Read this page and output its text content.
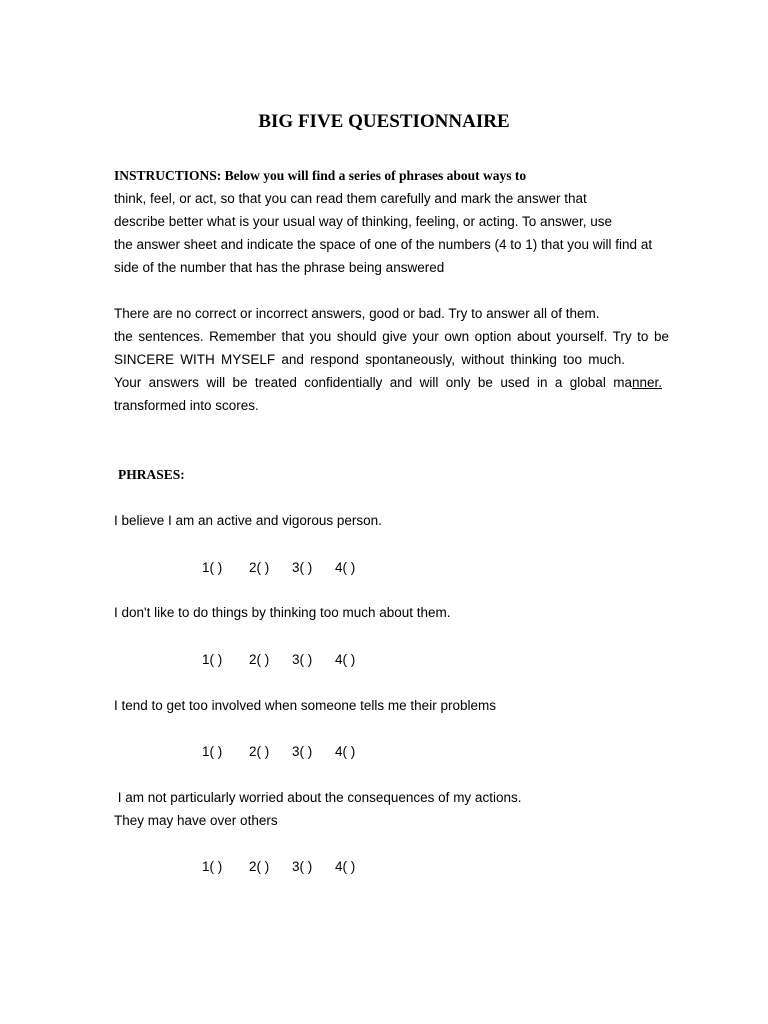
BIG FIVE QUESTIONNAIRE
INSTRUCTIONS: Below you will find a series of phrases about ways to
think, feel, or act, so that you can read them carefully and mark the answer that
describe better what is your usual way of thinking, feeling, or acting. To answer, use
the answer sheet and indicate the space of one of the numbers (4 to 1) that you will find at
side of the number that has the phrase being answered
There are no correct or incorrect answers, good or bad. Try to answer all of them.
the sentences. Remember that you should give your own option about yourself. Try to be
SINCERE WITH MYSELF and respond spontaneously, without thinking too much.
Your answers will be treated confidentially and will only be used in a global ma nner.
transformed into scores.
PHRASES:
I believe I am an active and vigorous person.
1( ) 2( ) 3( ) 4( )
I don't like to do things by thinking too much about them.
1( ) 2( ) 3( ) 4( )
I tend to get too involved when someone tells me their problems
1( ) 2( ) 3( ) 4( )
I am not particularly worried about the consequences of my actions.
They may have over others
1( ) 2( ) 3( ) 4( )
